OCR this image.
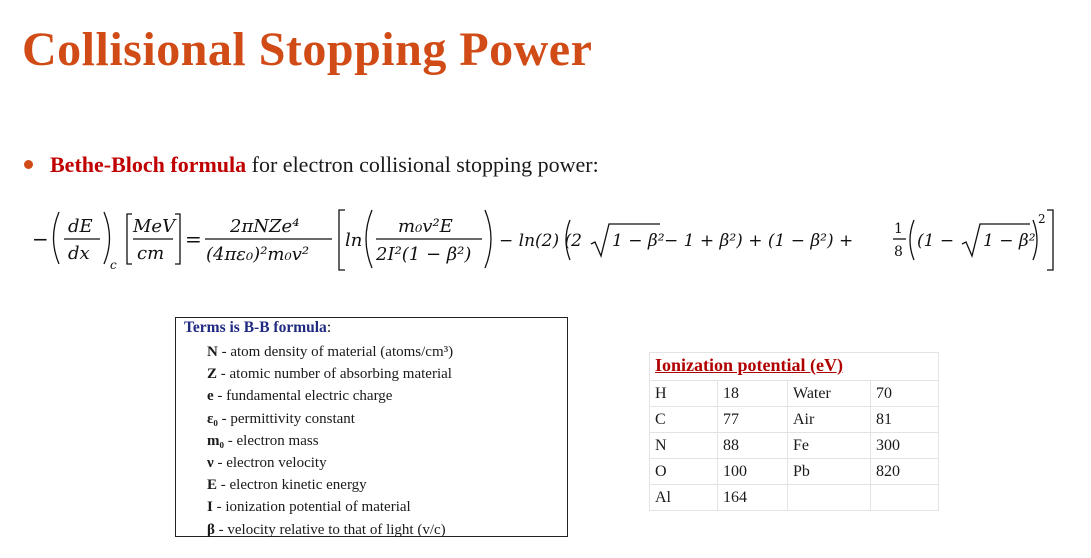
Collisional Stopping Power
Bethe-Bloch formula for electron collisional stopping power:
−
dE
dx
c
MeV
cm
=
2πNZe⁴
(4πε₀)²m₀v²
ln
m₀v²E
2I²(1 − β²)
− ln(2) (2 1 − β² − 1 + β²) + (1 − β²) +
1
8
(1 − 1 − β²
2
Terms is B-B formula:
N - atom density of material (atoms/cm³)
Z - atomic number of absorbing material
e - fundamental electric charge
ε₀ - permittivity constant
m₀ - electron mass
ν - electron velocity
E - electron kinetic energy
I - ionization potential of material
β - velocity relative to that of light (v/c)
Ionization potential (eV)			
H	18	Water	70
C	77	Air	81
N	88	Fe	300
O	100	Pb	820
Al	164		
